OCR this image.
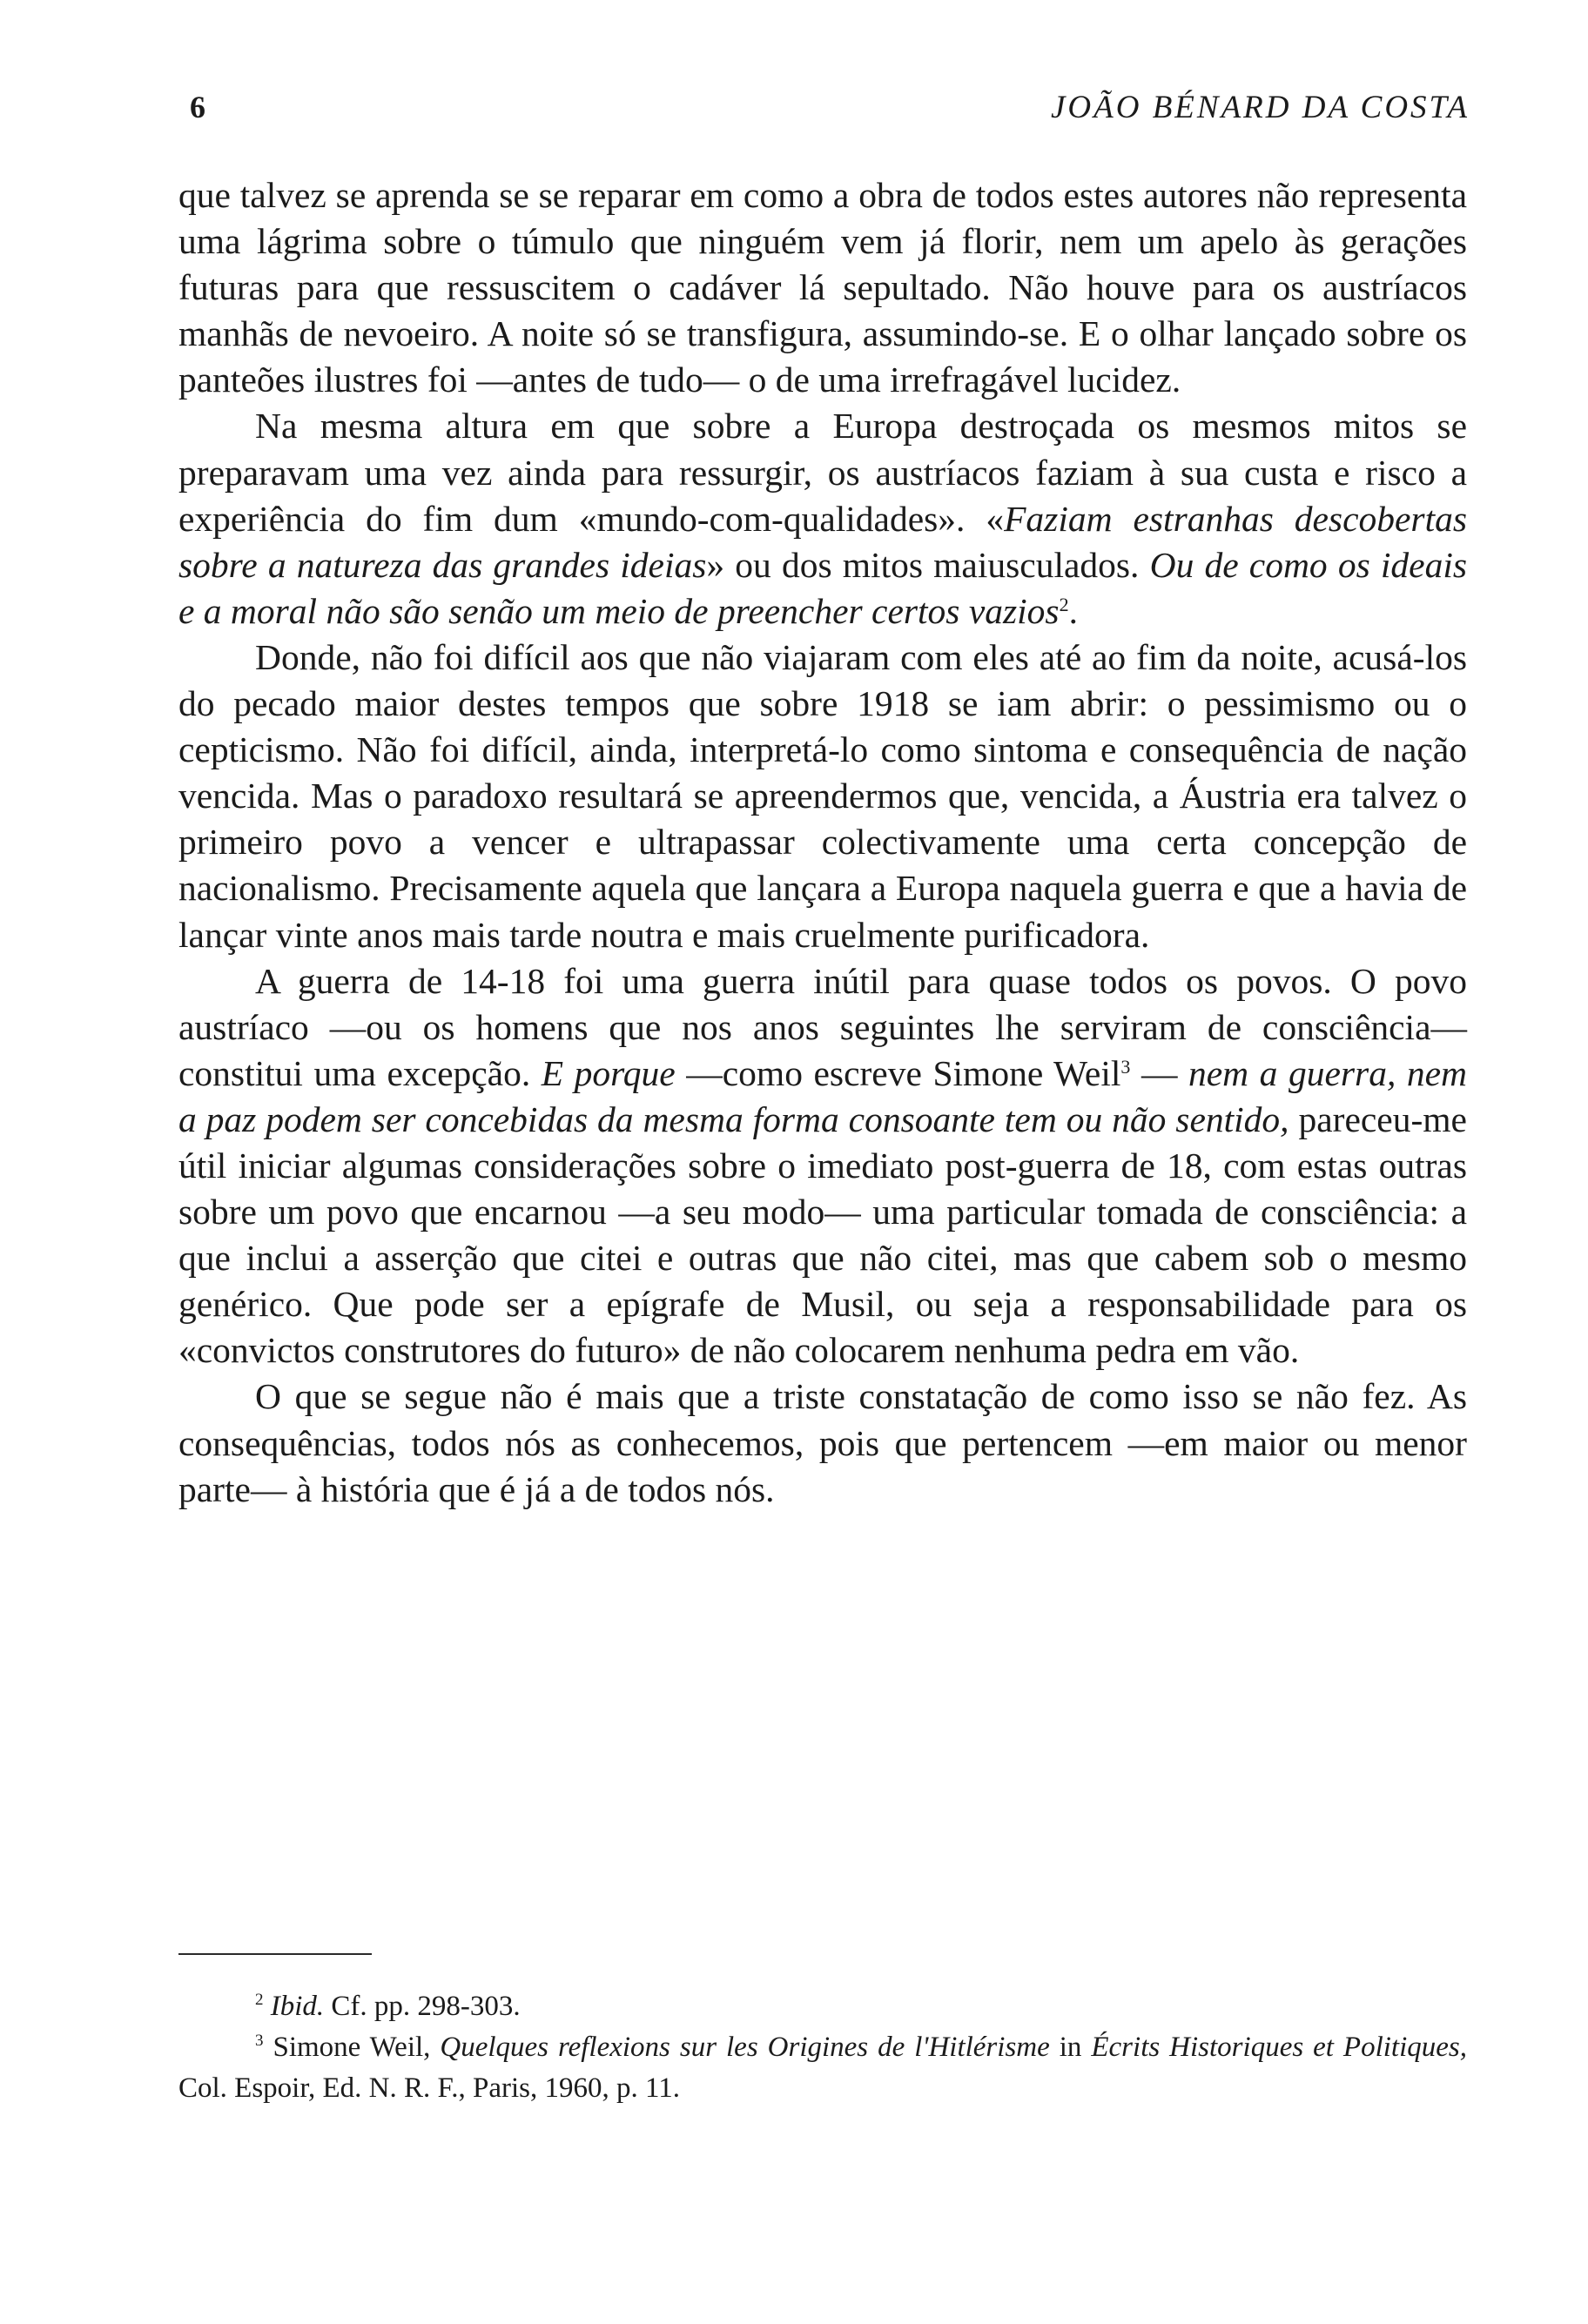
6	JOÃO BÉNARD DA COSTA

que talvez se aprenda se se reparar em como a obra de todos estes autores não representa uma lágrima sobre o túmulo que ninguém vem já florir, nem um apelo às gerações futuras para que ressuscitem o cadáver lá sepultado. Não houve para os austríacos manhãs de nevoeiro. A noite só se transfigura, assumindo-se. E o olhar lançado sobre os panteões ilustres foi —antes de tudo— o de uma irrefragável lucidez.

Na mesma altura em que sobre a Europa destroçada os mesmos mitos se preparavam uma vez ainda para ressurgir, os austríacos faziam à sua custa e risco a experiência do fim dum «mundo-com-qualidades». «Faziam estranhas descobertas sobre a natureza das grandes ideias» ou dos mitos maiusculados. Ou de como os ideais e a moral não são senão um meio de preencher certos vazios$^2$.

Donde, não foi difícil aos que não viajaram com eles até ao fim da noite, acusá-los do pecado maior destes tempos que sobre 1918 se iam abrir: o pessimismo ou o cepticismo. Não foi difícil, ainda, interpretá-lo como sintoma e consequência de nação vencida. Mas o paradoxo resultará se apreendermos que, vencida, a Áustria era talvez o primeiro povo a vencer e ultrapassar colectivamente uma certa concepção de nacionalismo. Precisamente aquela que lançara a Europa naquela guerra e que a havia de lançar vinte anos mais tarde noutra e mais cruelmente purificadora.

A guerra de 14-18 foi uma guerra inútil para quase todos os povos. O povo austríaco —ou os homens que nos anos seguintes lhe serviram de consciência— constitui uma excepção. E porque —como escreve Simone Weil$^3$ — nem a guerra, nem a paz podem ser concebidas da mesma forma consoante tem ou não sentido, pareceu-me útil iniciar algumas considerações sobre o imediato post-guerra de 18, com estas outras sobre um povo que encarnou —a seu modo— uma particular tomada de consciência: a que inclui a asserção que citei e outras que não citei, mas que cabem sob o mesmo genérico. Que pode ser a epígrafe de Musil, ou seja a responsabilidade para os «convictos construtores do futuro» de não colocarem nenhuma pedra em vão.

O que se segue não é mais que a triste constatação de como isso se não fez. As consequências, todos nós as conhecemos, pois que pertencem —em maior ou menor parte— à história que é já a de todos nós.

$^2$ Ibid. Cf. pp. 298-303.

$^3$ Simone Weil, Quelques reflexions sur les Origines de l'Hitlérisme in Écrits Historiques et Politiques, Col. Espoir, Ed. N. R. F., Paris, 1960, p. 11.
